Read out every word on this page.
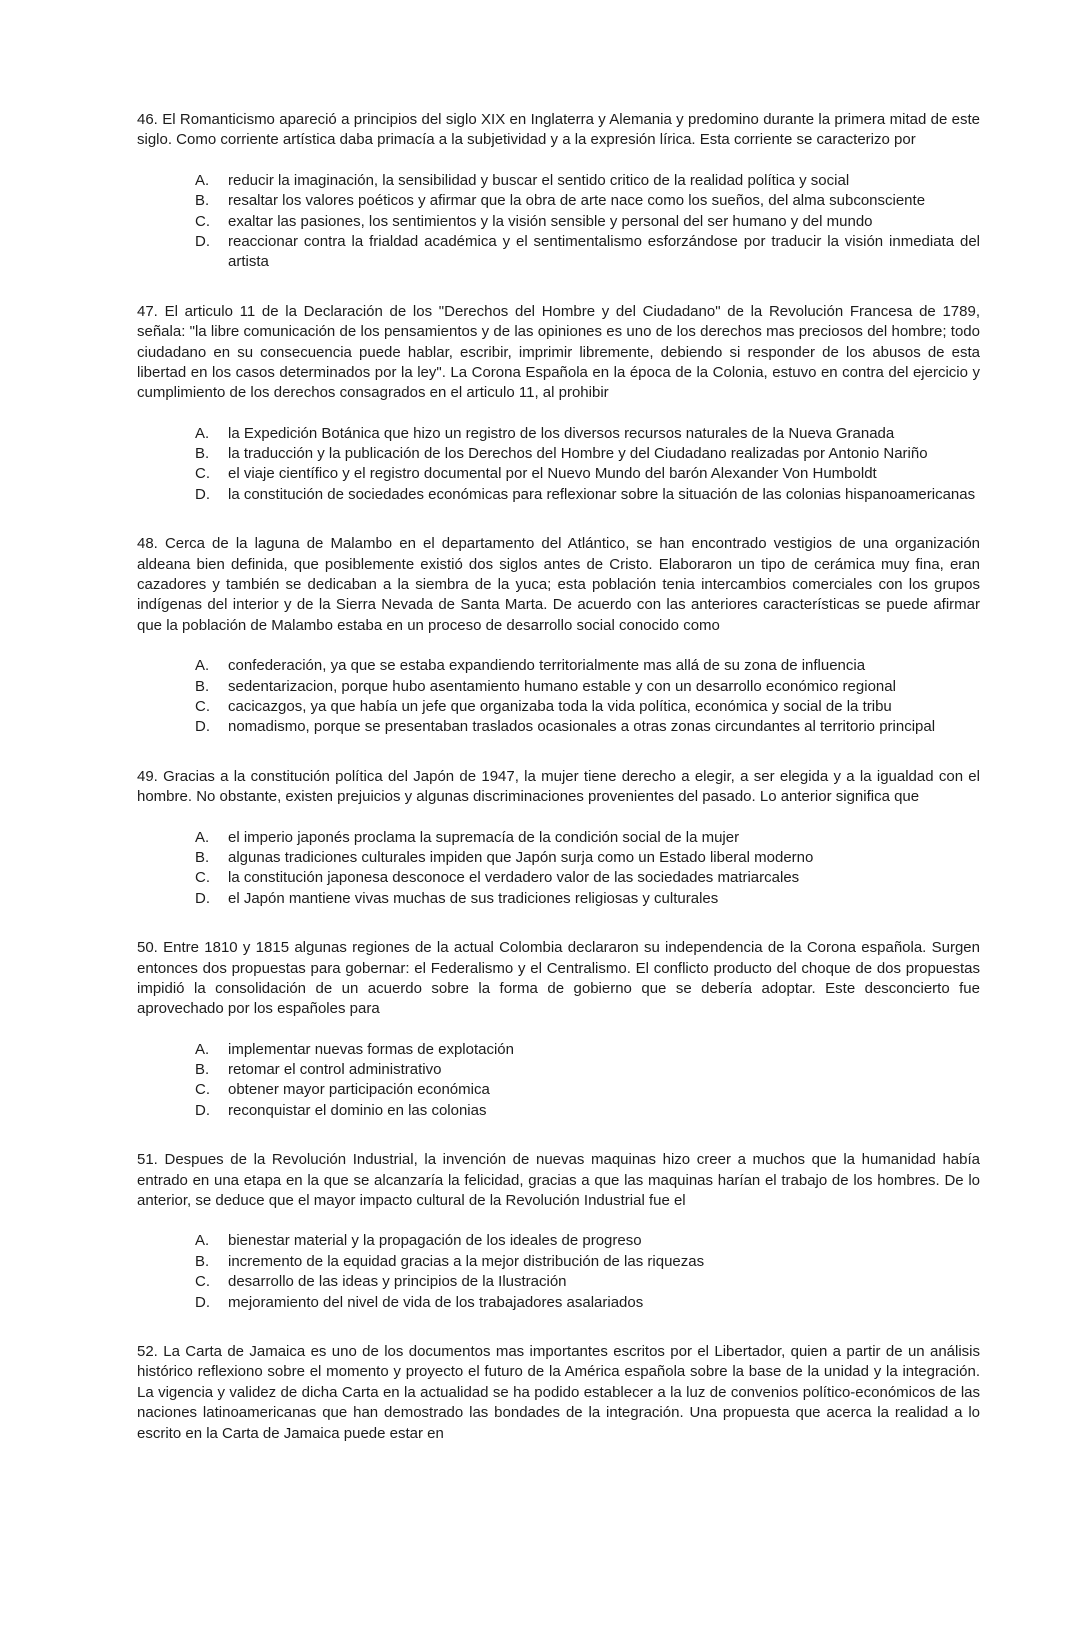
46. El Romanticismo apareció a principios del siglo XIX en Inglaterra y Alemania y predomino durante la primera mitad de este siglo. Como corriente artística daba primacía a la subjetividad y a la expresión lírica. Esta corriente se caracterizo por

A.	reducir la imaginación, la sensibilidad y buscar el sentido critico de la realidad política y social
B.	resaltar los valores poéticos y afirmar que la obra de arte nace como los sueños, del alma subconsciente
C.	exaltar las pasiones, los sentimientos y la visión sensible y personal del ser humano y del mundo
D.	reaccionar contra la frialdad académica y el sentimentalismo esforzándose por traducir la visión inmediata del artista

47. El articulo 11 de la Declaración de los "Derechos del Hombre y del Ciudadano" de la Revolución Francesa de 1789, señala: "la libre comunicación de los pensamientos y de las opiniones es uno de los derechos mas preciosos del hombre; todo ciudadano en su consecuencia puede hablar, escribir, imprimir libremente, debiendo si responder de los abusos de esta libertad en los casos determinados por la ley". La Corona Española en la época de la Colonia, estuvo en contra del ejercicio y cumplimiento de los derechos consagrados en el articulo 11, al prohibir

A.	la Expedición Botánica que hizo un registro de los diversos recursos naturales de la Nueva Granada
B.	la traducción y la publicación de los Derechos del Hombre y del Ciudadano realizadas por Antonio Nariño
C.	el viaje científico y el registro documental por el Nuevo Mundo del barón Alexander Von Humboldt
D.	la constitución de sociedades económicas para reflexionar sobre la situación de las colonias hispanoamericanas

48. Cerca de la laguna de Malambo en el departamento del Atlántico, se han encontrado vestigios de una organización aldeana bien definida, que posiblemente existió dos siglos antes de Cristo. Elaboraron un tipo de cerámica muy fina, eran cazadores y también se dedicaban a la siembra de la yuca; esta población tenia intercambios comerciales con los grupos indígenas del interior y de la Sierra Nevada de Santa Marta. De acuerdo con las anteriores características se puede afirmar que la población de Malambo estaba en un proceso de desarrollo social conocido como

A.	confederación, ya que se estaba expandiendo territorialmente mas allá de su zona de influencia
B.	sedentarizacion, porque hubo asentamiento humano estable y con un desarrollo económico regional
C.	cacicazgos, ya que había un jefe que organizaba toda la vida política, económica y social de la tribu
D.	nomadismo, porque se presentaban traslados ocasionales a otras zonas circundantes al territorio principal

49. Gracias a la constitución política del Japón de 1947, la mujer tiene derecho a elegir, a ser elegida y a la igualdad con el hombre. No obstante, existen prejuicios y algunas discriminaciones provenientes del pasado. Lo anterior significa que

A.	el imperio japonés proclama la supremacía de la condición social de la mujer
B.	algunas tradiciones culturales impiden que Japón surja como un Estado liberal moderno
C.	la constitución japonesa desconoce el verdadero valor de las sociedades matriarcales
D.	el Japón mantiene vivas muchas de sus tradiciones religiosas y culturales

50. Entre 1810 y 1815 algunas regiones de la actual Colombia declararon su independencia de la Corona española. Surgen entonces dos propuestas para gobernar: el Federalismo y el Centralismo. El conflicto producto del choque de dos propuestas impidió la consolidación de un acuerdo sobre la forma de gobierno que se debería adoptar. Este desconcierto fue aprovechado por los españoles para

A.	implementar nuevas formas de explotación
B.	retomar el control administrativo
C.	obtener mayor participación económica
D.	reconquistar el dominio en las colonias

51. Despues de la Revolución Industrial, la invención de nuevas maquinas hizo creer a muchos que la humanidad había entrado en una etapa en la que se alcanzaría la felicidad, gracias a que las maquinas harían el trabajo de los hombres. De lo anterior, se deduce que el mayor impacto cultural de la Revolución Industrial fue el

A.	bienestar material y la propagación de los ideales de progreso
B.	incremento de la equidad gracias a la mejor distribución de las riquezas
C.	desarrollo de las ideas y principios de la Ilustración
D.	mejoramiento del nivel de vida de los trabajadores asalariados

52. La Carta de Jamaica es uno de los documentos mas importantes escritos por el Libertador, quien a partir de un análisis histórico reflexiono sobre el momento y proyecto el futuro de la América española sobre la base de la unidad y la integración. La vigencia y validez de dicha Carta en la actualidad se ha podido establecer a la luz de convenios político-económicos de las naciones latinoamericanas que han demostrado las bondades de la integración. Una propuesta que acerca la realidad a lo escrito en la Carta de Jamaica puede estar en
